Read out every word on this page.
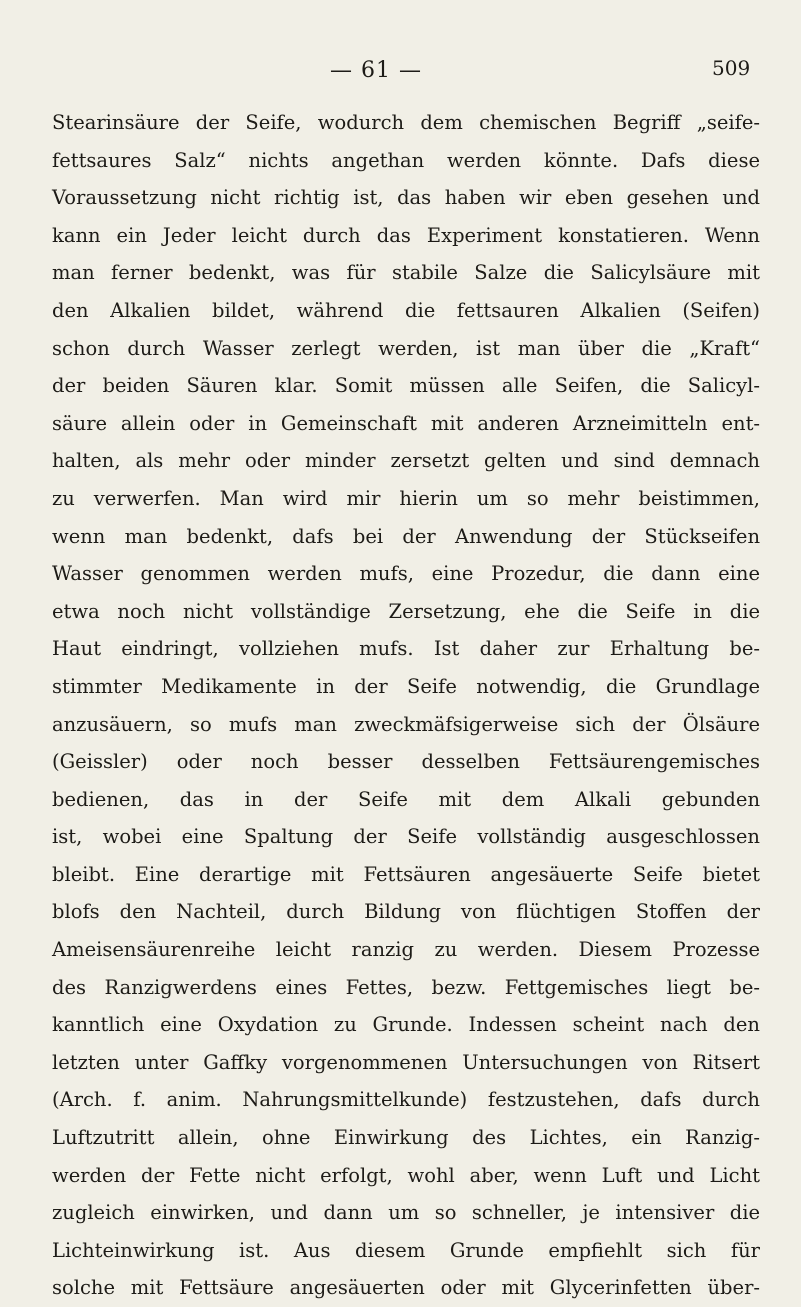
— 61 —	509
Stearinsäure der Seife, wodurch dem chemischen Begriff „seife-
fettsaures Salz“ nichts angethan werden könnte. Dafs diese
Voraussetzung nicht richtig ist, das haben wir eben gesehen und
kann ein Jeder leicht durch das Experiment konstatieren. Wenn
man ferner bedenkt, was für stabile Salze die Salicylsäure mit
den Alkalien bildet, während die fettsauren Alkalien (Seifen)
schon durch Wasser zerlegt werden, ist man über die „Kraft“
der beiden Säuren klar. Somit müssen alle Seifen, die Salicyl-
säure allein oder in Gemeinschaft mit anderen Arzneimitteln ent-
halten, als mehr oder minder zersetzt gelten und sind demnach
zu verwerfen. Man wird mir hierin um so mehr beistimmen,
wenn man bedenkt, dafs bei der Anwendung der Stückseifen
Wasser genommen werden mufs, eine Prozedur, die dann eine
etwa noch nicht vollständige Zersetzung, ehe die Seife in die
Haut eindringt, vollziehen mufs. Ist daher zur Erhaltung be-
stimmter Medikamente in der Seife notwendig, die Grundlage
anzusäuern, so mufs man zweckmäfsigerweise sich der Ölsäure
(Geissler) oder noch besser desselben Fettsäurengemisches
bedienen, das in der Seife mit dem Alkali gebunden
ist, wobei eine Spaltung der Seife vollständig ausgeschlossen
bleibt. Eine derartige mit Fettsäuren angesäuerte Seife bietet
blofs den Nachteil, durch Bildung von flüchtigen Stoffen der
Ameisensäurenreihe leicht ranzig zu werden. Diesem Prozesse
des Ranzigwerdens eines Fettes, bezw. Fettgemisches liegt be-
kanntlich eine Oxydation zu Grunde. Indessen scheint nach den
letzten unter Gaffky vorgenommenen Untersuchungen von Ritsert
(Arch. f. anim. Nahrungsmittelkunde) festzustehen, dafs durch
Luftzutritt allein, ohne Einwirkung des Lichtes, ein Ranzig-
werden der Fette nicht erfolgt, wohl aber, wenn Luft und Licht
zugleich einwirken, und dann um so schneller, je intensiver die
Lichteinwirkung ist. Aus diesem Grunde empfiehlt sich für
solche mit Fettsäure angesäuerten oder mit Glycerinfetten über-
